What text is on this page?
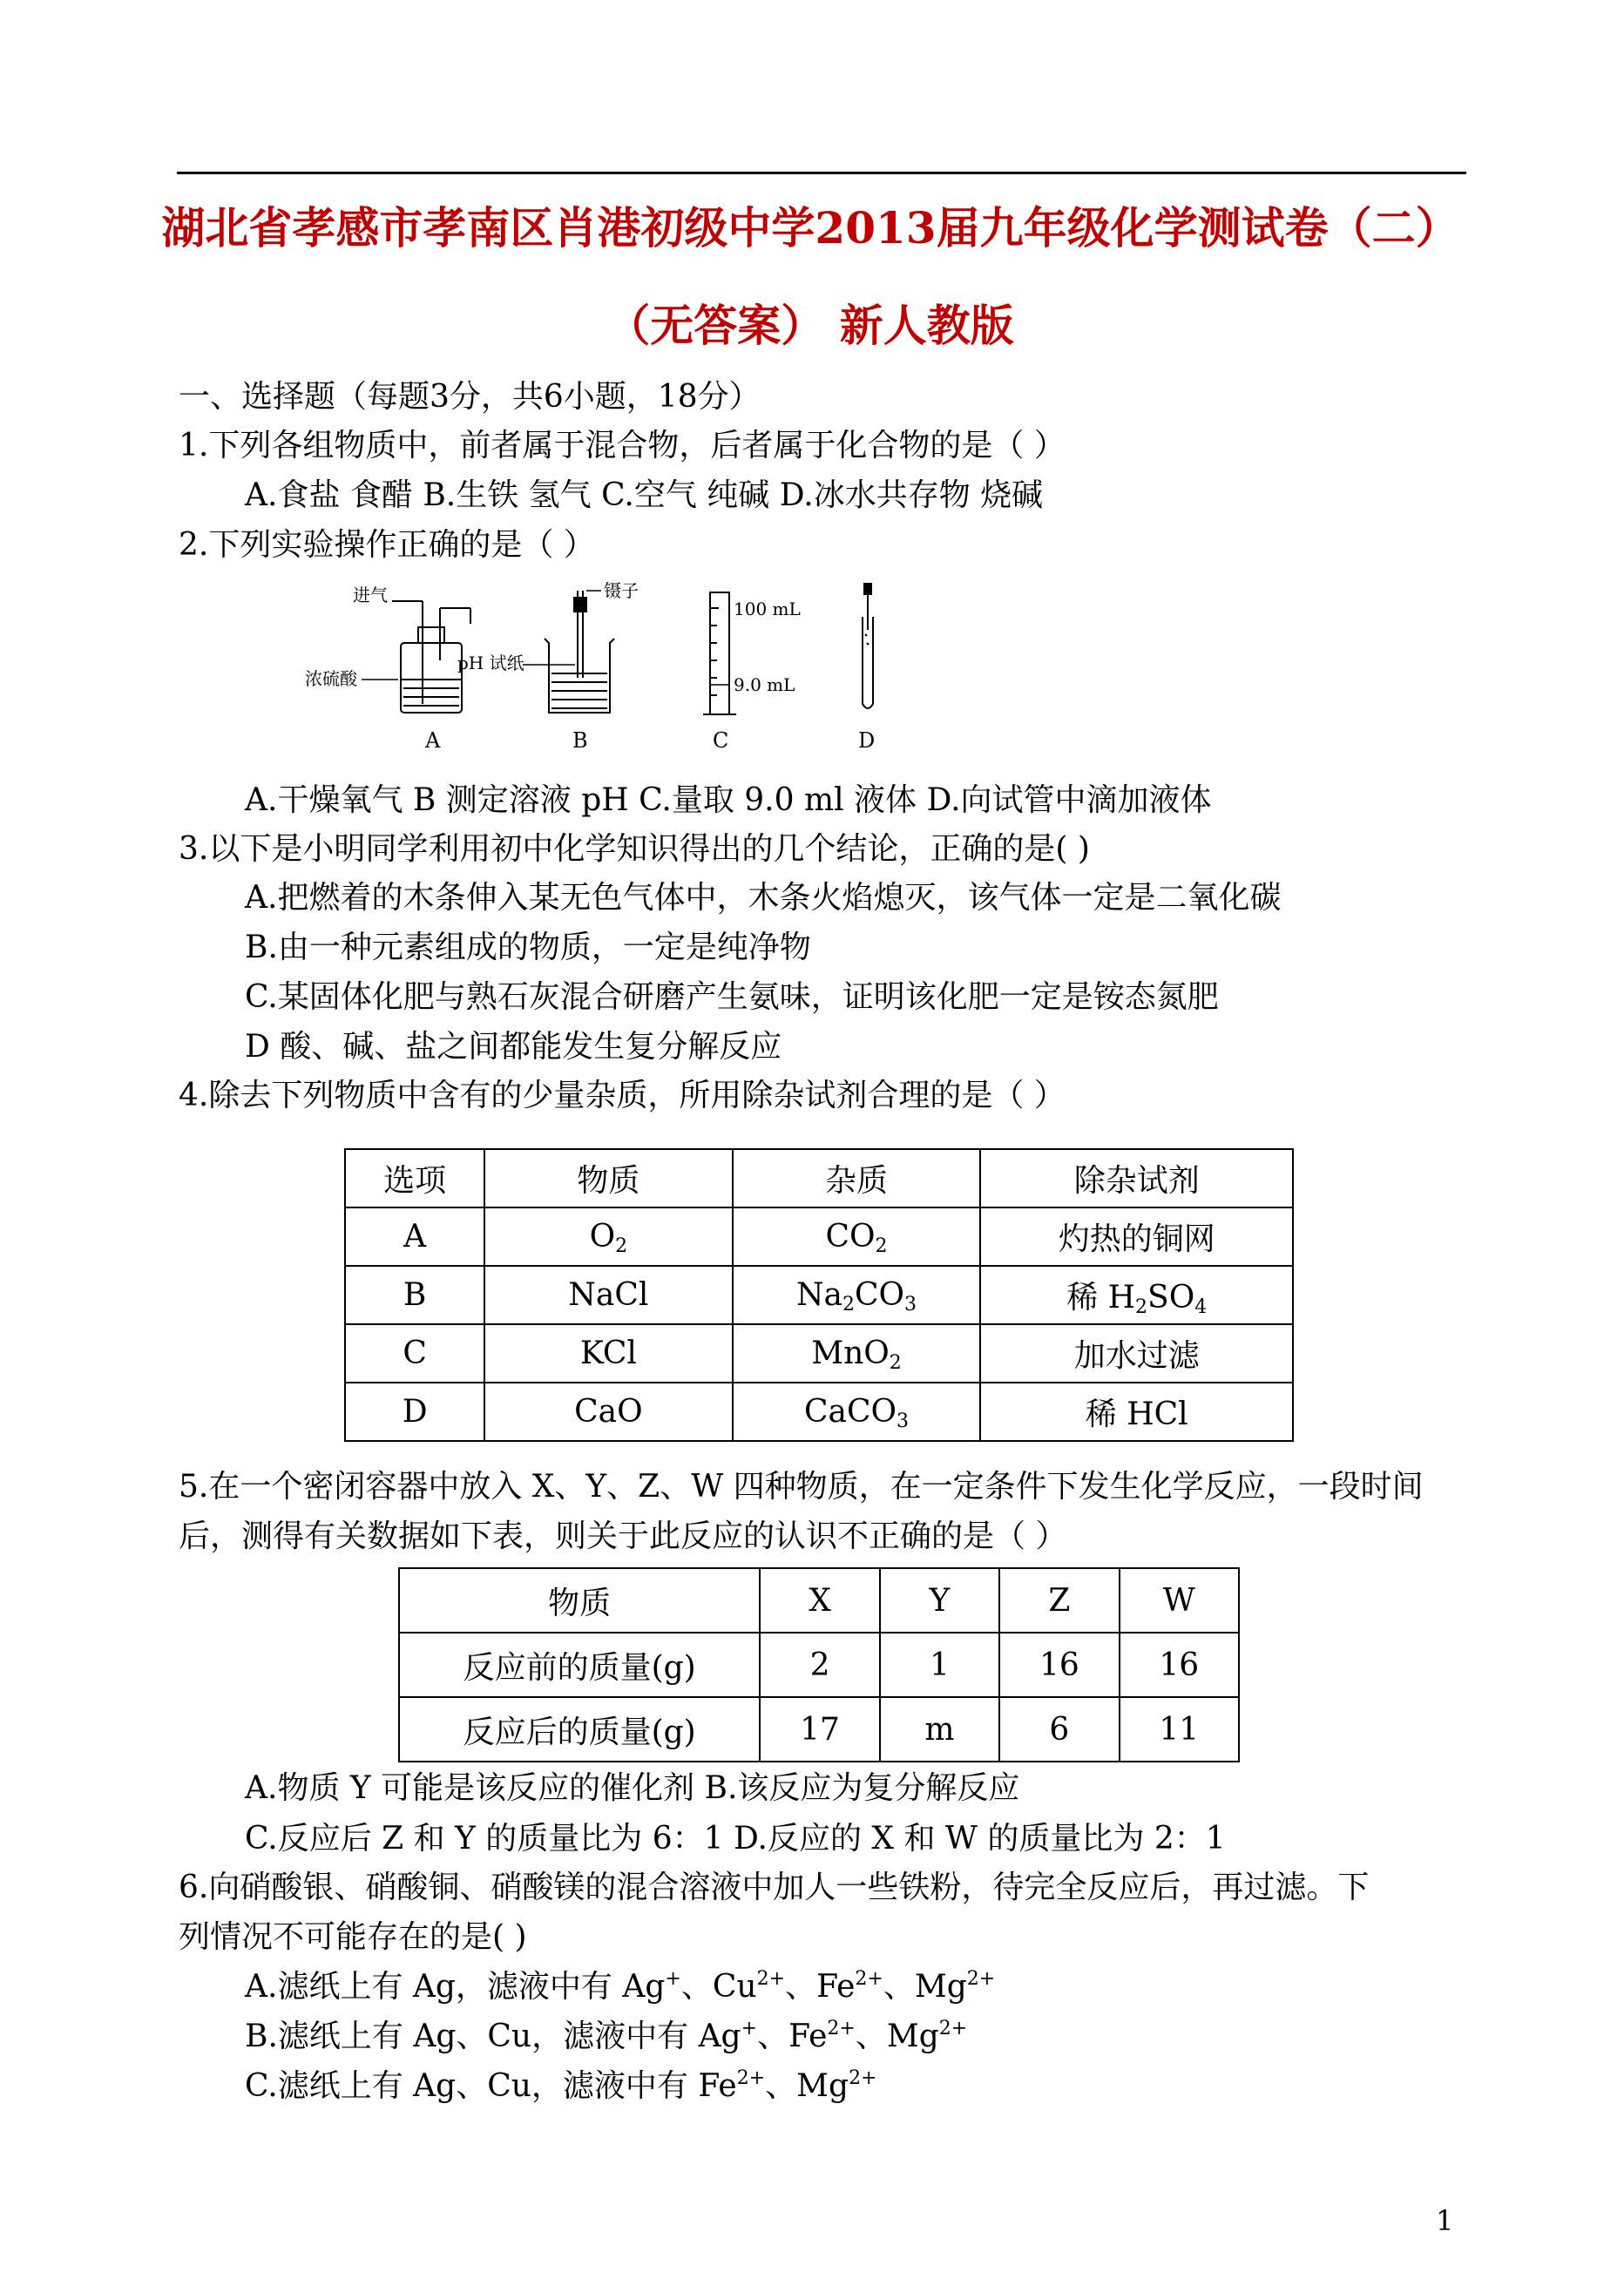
湖北省孝感市孝南区肖港初级中学2013届九年级化学测试卷（二）
（无答案） 新人教版
一、选择题（每题3分，共6小题，18分）
1.下列各组物质中，前者属于混合物，后者属于化合物的是（ ）
A.食盐 食醋 B.生铁 氢气 C.空气 纯碱 D.冰水共存物 烧碱
2.下列实验操作正确的是（ ）
进气
浓硫酸
A
pH 试纸
镊子
B
100 mL
9.0 mL
C	D
A.干燥氧气 B 测定溶液 pH C.量取 9.0 ml 液体 D.向试管中滴加液体
3.以下是小明同学利用初中化学知识得出的几个结论，正确的是( )
A.把燃着的木条伸入某无色气体中，木条火焰熄灭，该气体一定是二氧化碳
B.由一种元素组成的物质，一定是纯净物
C.某固体化肥与熟石灰混合研磨产生氨味，证明该化肥一定是铵态氮肥
D 酸、碱、盐之间都能发生复分解反应
4.除去下列物质中含有的少量杂质，所用除杂试剂合理的是（ ）
选项	物质	杂质	除杂试剂
A	$O_2$	$CO_2$	灼热的铜网
B	NaCl	$Na_2CO_3$	稀 $H_2SO_4$
C	KCl	MnO$_2$	加水过滤
D	CaO	CaCO$_3$	稀 HCl
5.在一个密闭容器中放入 X、Y、Z、W 四种物质，在一定条件下发生化学反应，一段时间
后，测得有关数据如下表，则关于此反应的认识不正确的是（ ）
物质	X	Y	Z	W
反应前的质量(g)	2	1	16	16
反应后的质量(g)	17	m	6	11
A.物质 Y 可能是该反应的催化剂 B.该反应为复分解反应
C.反应后 Z 和 Y 的质量比为 6：1 D.反应的 X 和 W 的质量比为 2：1
6.向硝酸银、硝酸铜、硝酸镁的混合溶液中加人一些铁粉，待完全反应后，再过滤。下
列情况不可能存在的是( )
A.滤纸上有 Ag，滤液中有 Ag+、$Cu^{2+}$、$Fe^{2+}$、$Mg^{2+}$
B.滤纸上有 Ag、Cu，滤液中有 Ag+、$Fe^{2+}$、$Mg^{2+}$
C.滤纸上有 Ag、Cu，滤液中有 $Fe^{2+}$、$Mg^{2+}$
1
